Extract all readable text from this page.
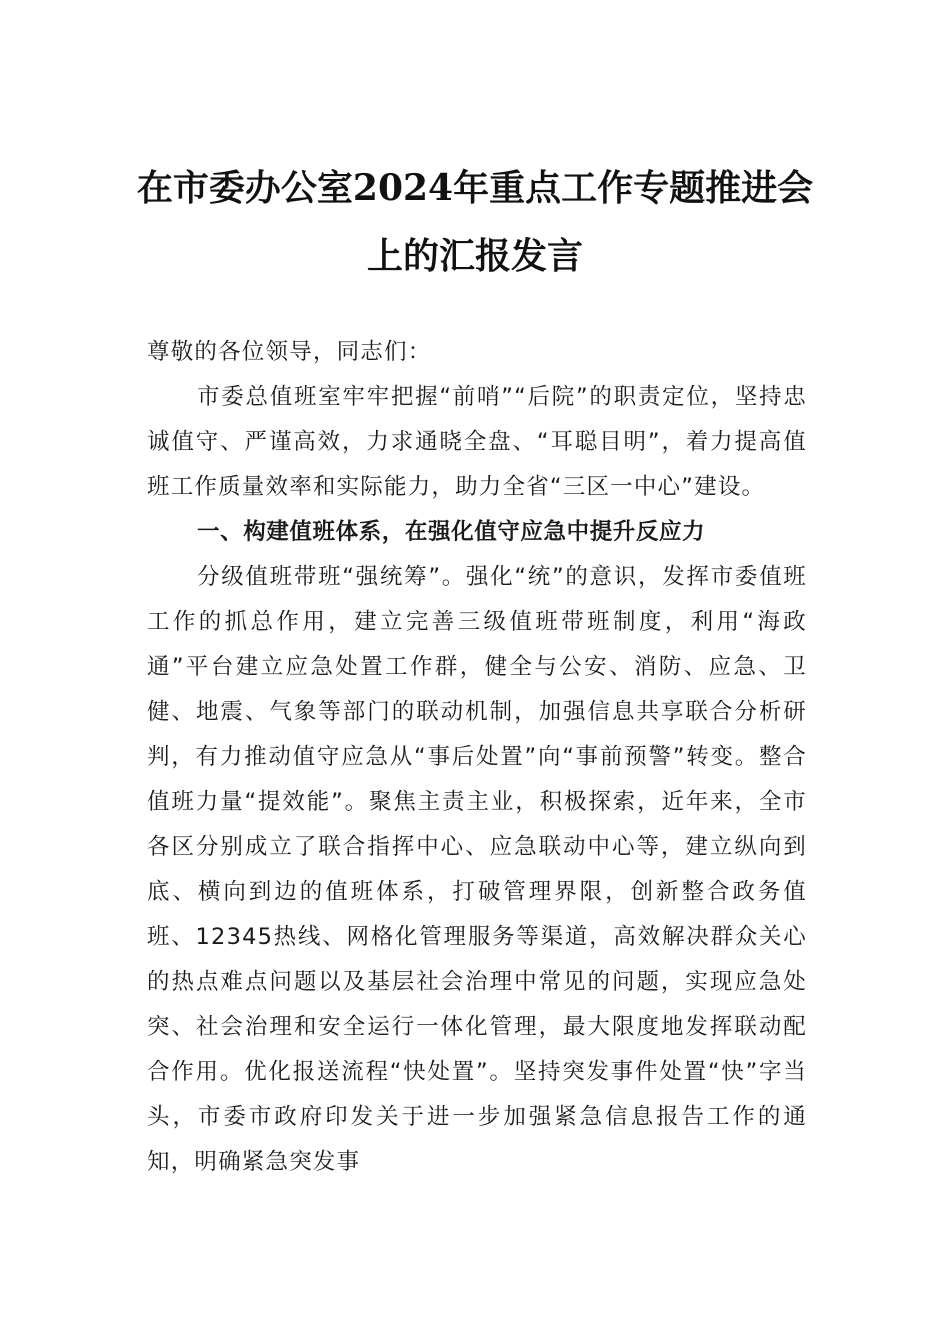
在市委办公室2024年重点工作专题推进会
上的汇报发言

尊敬的各位领导，同志们：

市委总值班室牢牢把握“前哨”“后院”的职责定位，坚持忠诚值守、严谨高效，力求通晓全盘、“耳聪目明”，着力提高值班工作质量效率和实际能力，助力全省“三区一中心”建设。

一、构建值班体系，在强化值守应急中提升反应力

分级值班带班“强统筹”。强化“统”的意识，发挥市委值班工作的抓总作用，建立完善三级值班带班制度，利用“海政通”平台建立应急处置工作群，健全与公安、消防、应急、卫健、地震、气象等部门的联动机制，加强信息共享联合分析研判，有力推动值守应急从“事后处置”向“事前预警”转变。整合值班力量“提效能”。聚焦主责主业，积极探索，近年来，全市各区分别成立了联合指挥中心、应急联动中心等，建立纵向到底、横向到边的值班体系，打破管理界限，创新整合政务值班、12345热线、网格化管理服务等渠道，高效解决群众关心的热点难点问题以及基层社会治理中常见的问题，实现应急处突、社会治理和安全运行一体化管理，最大限度地发挥联动配合作用。优化报送流程“快处置”。坚持突发事件处置“快”字当头，市委市政府印发关于进一步加强紧急信息报告工作的通知，明确紧急突发事
